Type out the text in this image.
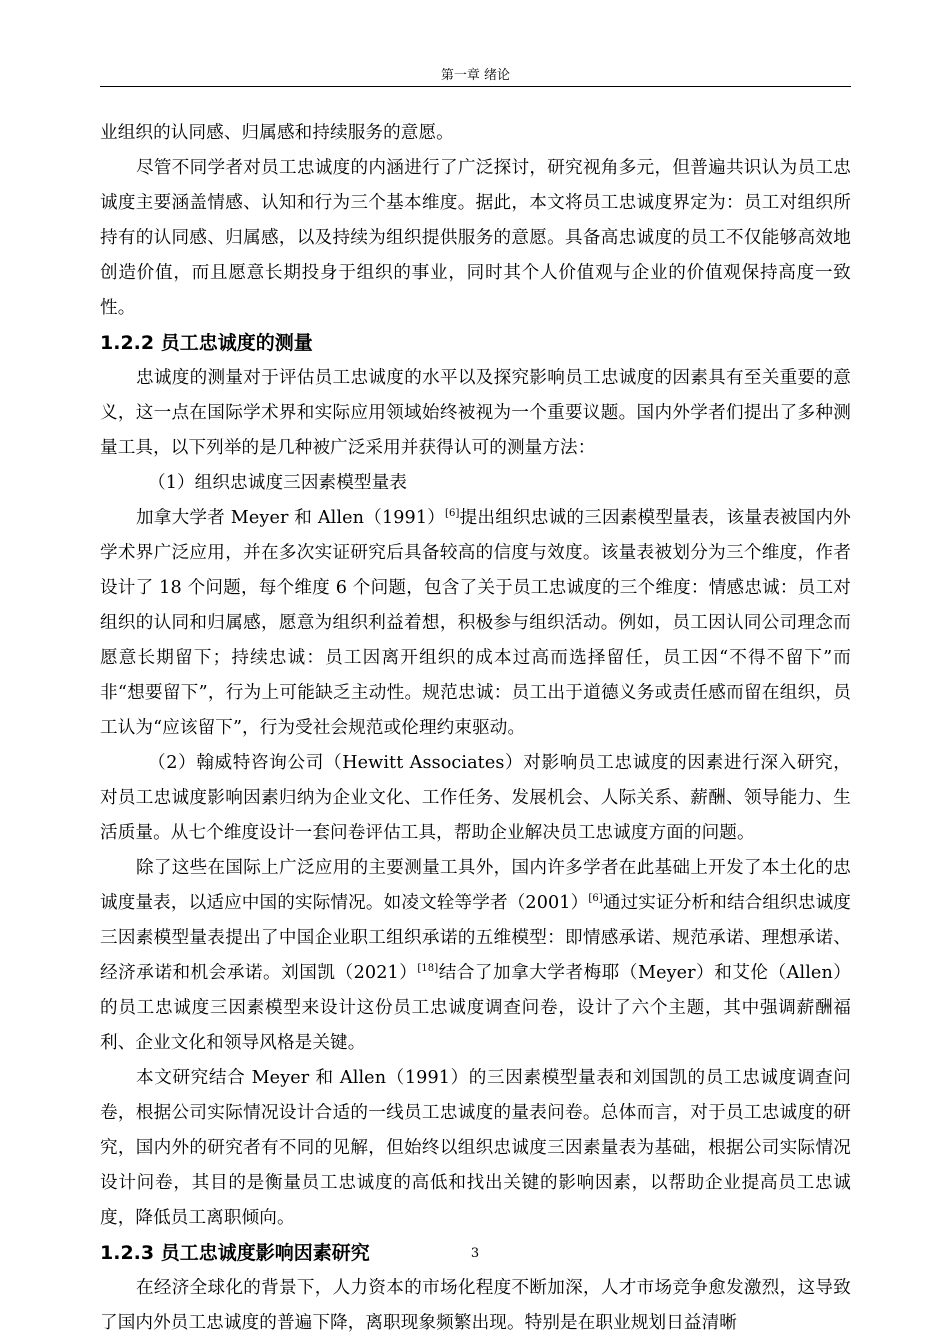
第一章 绪论

业组织的认同感、归属感和持续服务的意愿。

尽管不同学者对员工忠诚度的内涵进行了广泛探讨，研究视角多元，但普遍共识认为员工忠诚度主要涵盖情感、认知和行为三个基本维度。据此，本文将员工忠诚度界定为：员工对组织所持有的认同感、归属感，以及持续为组织提供服务的意愿。具备高忠诚度的员工不仅能够高效地创造价值，而且愿意长期投身于组织的事业，同时其个人价值观与企业的价值观保持高度一致性。

1.2.2 员工忠诚度的测量

忠诚度的测量对于评估员工忠诚度的水平以及探究影响员工忠诚度的因素具有至关重要的意义，这一点在国际学术界和实际应用领域始终被视为一个重要议题。国内外学者们提出了多种测量工具，以下列举的是几种被广泛采用并获得认可的测量方法：

（1）组织忠诚度三因素模型量表

加拿大学者 Meyer 和 Allen（1991）[6]提出组织忠诚的三因素模型量表，该量表被国内外学术界广泛应用，并在多次实证研究后具备较高的信度与效度。该量表被划分为三个维度，作者设计了 18 个问题，每个维度 6 个问题，包含了关于员工忠诚度的三个维度：情感忠诚：员工对组织的认同和归属感，愿意为组织利益着想，积极参与组织活动。例如，员工因认同公司理念而愿意长期留下；持续忠诚：员工因离开组织的成本过高而选择留任，员工因“不得不留下”而非“想要留下”，行为上可能缺乏主动性。规范忠诚：员工出于道德义务或责任感而留在组织，员工认为“应该留下”，行为受社会规范或伦理约束驱动。

（2）翰威特咨询公司（Hewitt Associates）对影响员工忠诚度的因素进行深入研究，对员工忠诚度影响因素归纳为企业文化、工作任务、发展机会、人际关系、薪酬、领导能力、生活质量。从七个维度设计一套问卷评估工具，帮助企业解决员工忠诚度方面的问题。

除了这些在国际上广泛应用的主要测量工具外，国内许多学者在此基础上开发了本土化的忠诚度量表，以适应中国的实际情况。如凌文辁等学者（2001）[6]通过实证分析和结合组织忠诚度三因素模型量表提出了中国企业职工组织承诺的五维模型：即情感承诺、规范承诺、理想承诺、经济承诺和机会承诺。刘国凯（2021）[18]结合了加拿大学者梅耶（Meyer）和艾伦（Allen）的员工忠诚度三因素模型来设计这份员工忠诚度调查问卷，设计了六个主题，其中强调薪酬福利、企业文化和领导风格是关键。

本文研究结合 Meyer 和 Allen（1991）的三因素模型量表和刘国凯的员工忠诚度调查问卷，根据公司实际情况设计合适的一线员工忠诚度的量表问卷。总体而言，对于员工忠诚度的研究，国内外的研究者有不同的见解，但始终以组织忠诚度三因素量表为基础，根据公司实际情况设计问卷，其目的是衡量员工忠诚度的高低和找出关键的影响因素，以帮助企业提高员工忠诚度，降低员工离职倾向。

1.2.3 员工忠诚度影响因素研究

在经济全球化的背景下，人力资本的市场化程度不断加深，人才市场竞争愈发激烈，这导致了国内外员工忠诚度的普遍下降，离职现象频繁出现。特别是在职业规划日益清晰

3
